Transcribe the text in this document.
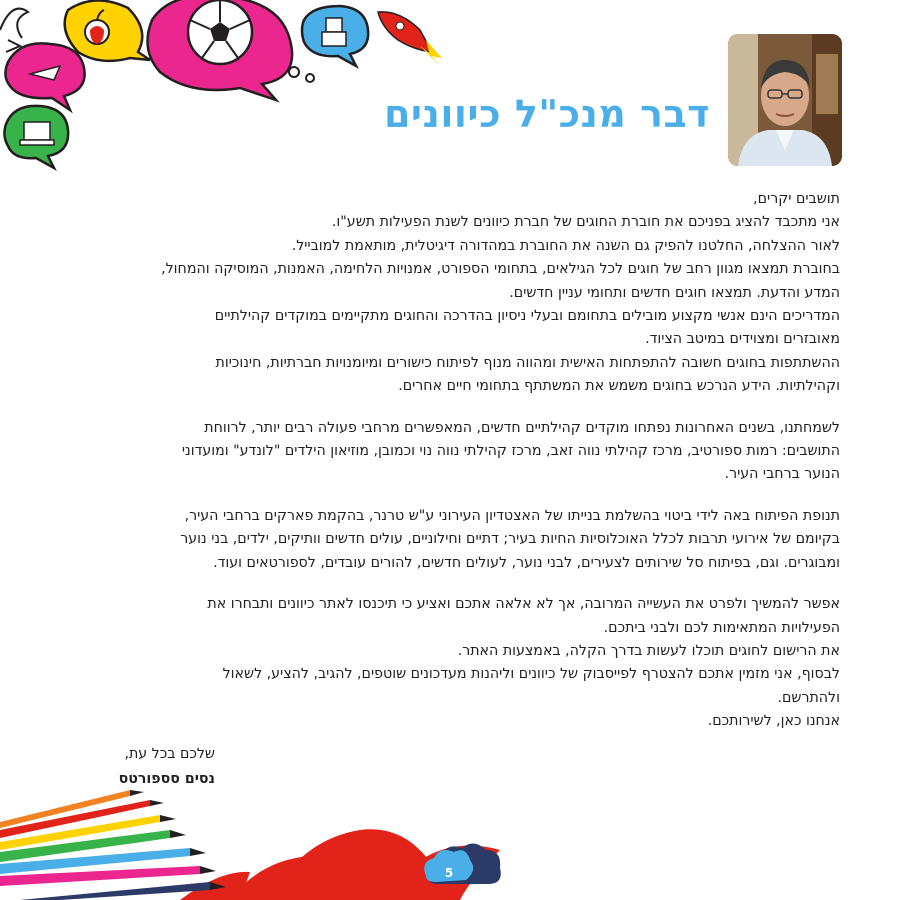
דבר מנכ"ל כיוונים
תושבים יקרים,
אני מתכבד להציג בפניכם את חוברת החוגים של חברת כיוונים לשנת הפעילות תשע"ו.
לאור ההצלחה, החלטנו להפיק גם השנה את החוברת במהדורה דיגיטלית, מותאמת למובייל.
בחוברת תמצאו מגוון רחב של חוגים לכל הגילאים, בתחומי הספורט, אמנויות הלחימה, האמנות, המוסיקה והמחול,
המדע והדעת. תמצאו חוגים חדשים ותחומי עניין חדשים.
המדריכים הינם אנשי מקצוע מובילים בתחומם ובעלי ניסיון בהדרכה והחוגים מתקיימים במוקדים קהילתיים
מאובזרים ומצוידים במיטב הציוד.
ההשתתפות בחוגים חשובה להתפתחות האישית ומהווה מנוף לפיתוח כישורים ומיומנויות חברתיות, חינוכיות
וקהילתיות. הידע הנרכש בחוגים משמש את המשתתף בתחומי חיים אחרים.
לשמחתנו, בשנים האחרונות נפתחו מוקדים קהילתיים חדשים, המאפשרים מרחבי פעולה רבים יותר, לרווחת
התושבים: רמות ספורטיב, מרכז קהילתי נווה זאב, מרכז קהילתי נווה נוי וכמובן, מוזיאון הילדים "לונדע" ומועדוני
הנוער ברחבי העיר.
תנופת הפיתוח באה לידי ביטוי בהשלמת בנייתו של האצטדיון העירוני ע"ש טרנר, בהקמת פארקים ברחבי העיר,
בקיומם של אירועי תרבות לכלל האוכלוסיות החיות בעיר; דתיים וחילוניים, עולים חדשים וותיקים, ילדים, בני נוער
ומבוגרים. וגם, בפיתוח סל שירותים לצעירים, לבני נוער, לעולים חדשים, להורים עובדים, לספורטאים ועוד.
אפשר להמשיך ולפרט את העשייה המרובה, אך לא אלאה אתכם ואציע כי תיכנסו לאתר כיוונים ותבחרו את
הפעילויות המתאימות לכם ולבני ביתכם.
את הרישום לחוגים תוכלו לעשות בדרך הקלה, באמצעות האתר.
לבסוף, אני מזמין אתכם להצטרף לפייסבוק של כיוונים וליהנות מעדכונים שוטפים, להגיב, להציע, לשאול
ולהתרשם.
אנחנו כאן, לשירותכם.
שלכם בכל עת,
נסים סספורטס
5
